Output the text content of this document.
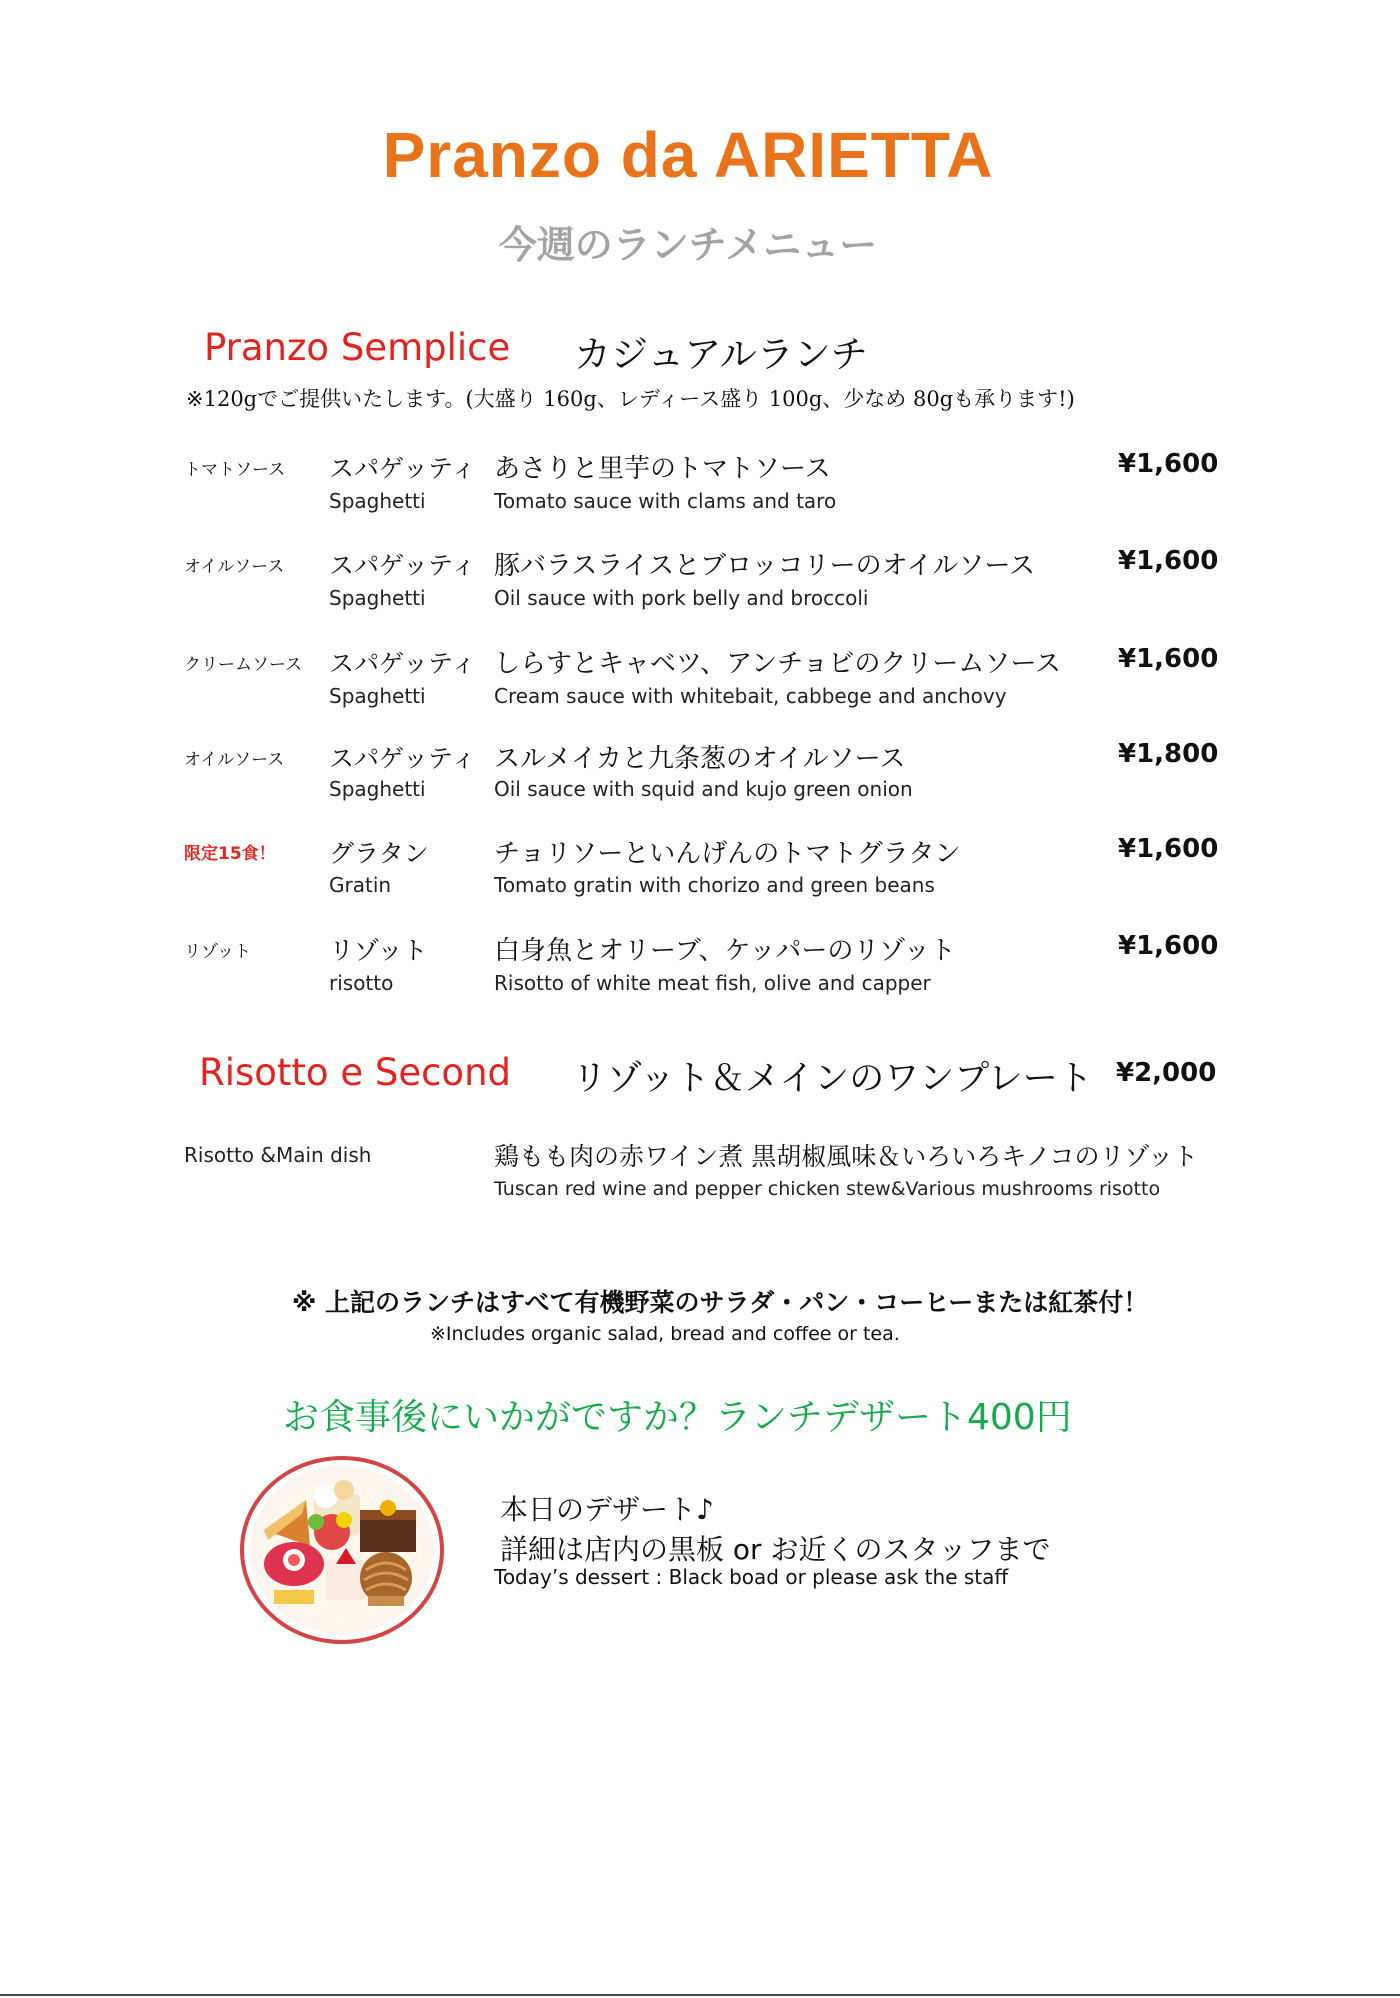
Pranzo da ARIETTA
今週のランチメニュー
Pranzo Semplice カジュアルランチ
※120gでご提供いたします。(大盛り 160g、レディース盛り 100g、少なめ 80gも承ります!)
トマトソース スパゲッティ
Spaghetti
あさりと里芋のトマトソース
Tomato sauce with clams and taro
¥1,600
オイルソース スパゲッティ
Spaghetti
豚バラスライスとブロッコリーのオイルソース
Oil sauce with pork belly and broccoli
¥1,600
クリームソース スパゲッティ
Spaghetti
しらすとキャベツ、アンチョビのクリームソース
Cream sauce with whitebait, cabbege and anchovy
¥1,600
オイルソース スパゲッティ
Spaghetti
スルメイカと九条葱のオイルソース
Oil sauce with squid and kujo green onion
¥1,800
限定15食！ グラタン
Gratin
チョリソーといんげんのトマトグラタン
Tomato gratin with chorizo and green beans
¥1,600
リゾット	リゾット
risotto
白身魚とオリーブ、ケッパーのリゾット
Risotto of white meat fish, olive and capper
¥1,600
Risotto e Second リゾット＆メインのワンプレート ¥2,000
Risotto &Main dish	鶏もも肉の赤ワイン煮 黒胡椒風味＆いろいろキノコのリゾット
Tuscan red wine and pepper chicken stew&Various mushrooms risotto
※ 上記のランチはすべて有機野菜のサラダ・パン・コーヒーまたは紅茶付！
※Includes organic salad, bread and coffee or tea.
お食事後にいかがですか？ランチデザート400円
本日のデザート♪
詳細は店内の黒板 or お近くのスタッフまで
Today’s dessert : Black boad or please ask the staff
